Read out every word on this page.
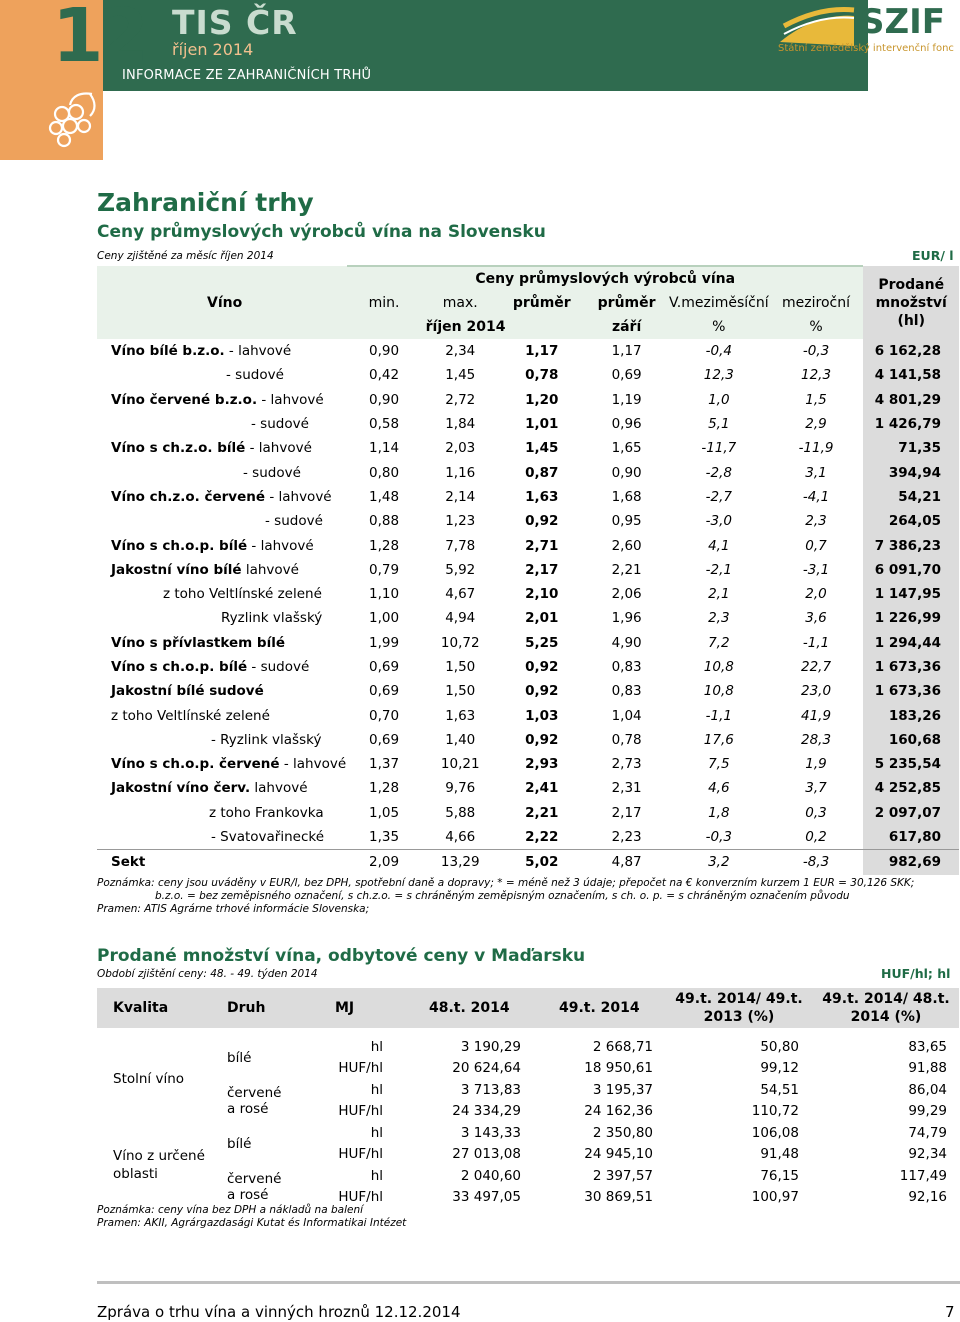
12 TIS ČR
říjen 2014
INFORMACE ZE ZAHRANIČNÍCH TRHŮ
SZIF
Státní zemědělský intervenční fonc
Zahraniční trhy
Ceny průmyslových výrobců vína na Slovensku
Ceny zjištěné za měsíc říjen 2014	EUR/ l
Víno	Ceny průmyslových výrobců vína						Prodané množství (hl)
	min.	max.	průměr	průměr	V.meziměsíční	meziroční	
	říjen 2014			září	%	%	
Víno bílé b.z.o. - lahvové	0,90	2,34	1,17	1,17	-0,4	-0,3	6 162,28
- sudové	0,42	1,45	0,78	0,69	12,3	12,3	4 141,58
Víno červené b.z.o. - lahvové	0,90	2,72	1,20	1,19	1,0	1,5	4 801,29
- sudové	0,58	1,84	1,01	0,96	5,1	2,9	1 426,79
Víno s ch.z.o. bílé - lahvové	1,14	2,03	1,45	1,65	-11,7	-11,9	71,35
- sudové	0,80	1,16	0,87	0,90	-2,8	3,1	394,94
Víno ch.z.o. červené - lahvové	1,48	2,14	1,63	1,68	-2,7	-4,1	54,21
- sudové	0,88	1,23	0,92	0,95	-3,0	2,3	264,05
Víno s ch.o.p. bílé - lahvové	1,28	7,78	2,71	2,60	4,1	0,7	7 386,23
Jakostní víno bílé lahvové	0,79	5,92	2,17	2,21	-2,1	-3,1	6 091,70
z toho Veltlínské zelené	1,10	4,67	2,10	2,06	2,1	2,0	1 147,95
Ryzlink vlašský	1,00	4,94	2,01	1,96	2,3	3,6	1 226,99
Víno s přívlastkem bílé	1,99	10,72	5,25	4,90	7,2	-1,1	1 294,44
Víno s ch.o.p. bílé - sudové	0,69	1,50	0,92	0,83	10,8	22,7	1 673,36
Jakostní bílé sudové	0,69	1,50	0,92	0,83	10,8	23,0	1 673,36
z toho Veltlínské zelené	0,70	1,63	1,03	1,04	-1,1	41,9	183,26
- Ryzlink vlašský	0,69	1,40	0,92	0,78	17,6	28,3	160,68
Víno s ch.o.p. červené - lahvové	1,37	10,21	2,93	2,73	7,5	1,9	5 235,54
Jakostní víno červ. lahvové	1,28	9,76	2,41	2,31	4,6	3,7	4 252,85
z toho Frankovka	1,05	5,88	2,21	2,17	1,8	0,3	2 097,07
- Svatovařinecké	1,35	4,66	2,22	2,23	-0,3	0,2	617,80
Sekt	2,09	13,29	5,02	4,87	3,2	-8,3	982,69
Poznámka: ceny jsou uváděny v EUR/l, bez DPH, spotřební daně a dopravy; * = méně než 3 údaje; přepočet na € konverzním kurzem 1 EUR = 30,126 SKK;
b.z.o. = bez zeměpisného označení, s ch.z.o. = s chráněným zeměpisným označením, s ch. o. p. = s chráněným označením původu
Pramen: ATIS Agrárne trhové informácie Slovenska;
Prodané množství vína, odbytové ceny v Maďarsku
Období zjištění ceny: 48. - 49. týden 2014	HUF/hl; hl
Kvalita	Druh	MJ	48.t. 2014	49.t. 2014	49.t. 2014/ 49.t. 2013 (%)	49.t. 2014/ 48.t. 2014 (%)

Stolní víno	bílé	hl	3 190,29	2 668,71	50,80	83,65
		HUF/hl	20 624,64	18 950,61	99,12	91,88

	červené
a rosé	hl	3 713,83	3 195,37	54,51	86,04
		HUF/hl	24 334,29	24 162,36	110,72	99,29
Víno z určené oblasti	bílé	hl	3 143,33	2 350,80	106,08	74,79
		HUF/hl	27 013,08	24 945,10	91,48	92,34

	červené
a rosé	hl	2 040,60	2 397,57	76,15	117,49
		HUF/hl	33 497,05	30 869,51	100,97	92,16
Poznámka: ceny vína bez DPH a nákladů na balení
Pramen: AKII, Agrárgazdasági Kutat és Informatikai Intézet
Zpráva o trhu vína a vinných hroznů 12.12.2014	7
